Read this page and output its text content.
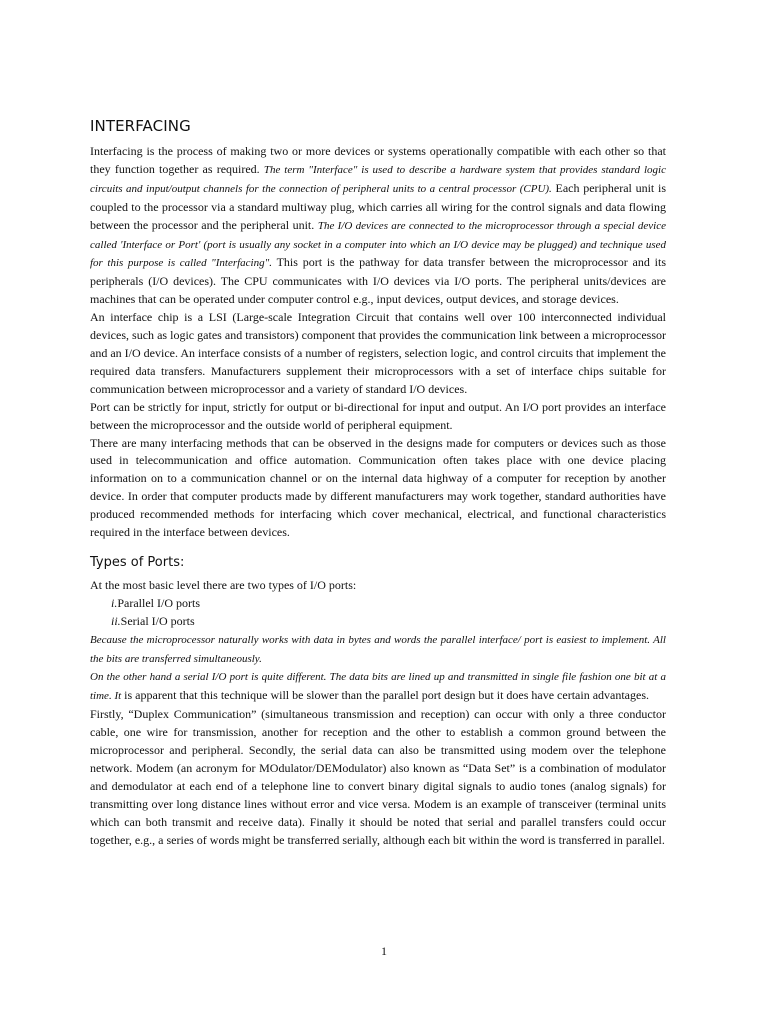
INTERFACING

Interfacing is the process of making two or more devices or systems operationally compatible with each other so that they function together as required. The term "Interface" is used to describe a hardware system that provides standard logic circuits and input/output channels for the connection of peripheral units to a central processor (CPU). Each peripheral unit is coupled to the processor via a standard multiway plug, which carries all wiring for the control signals and data flowing between the processor and the peripheral unit. The I/O devices are connected to the microprocessor through a special device called 'Interface or Port' (port is usually any socket in a computer into which an I/O device may be plugged) and technique used for this purpose is called "Interfacing". This port is the pathway for data transfer between the microprocessor and its peripherals (I/O devices). The CPU communicates with I/O devices via I/O ports. The peripheral units/devices are machines that can be operated under computer control e.g., input devices, output devices, and storage devices.

An interface chip is a LSI (Large-scale Integration Circuit that contains well over 100 interconnected individual devices, such as logic gates and transistors) component that provides the communication link between a microprocessor and an I/O device. An interface consists of a number of registers, selection logic, and control circuits that implement the required data transfers. Manufacturers supplement their microprocessors with a set of interface chips suitable for communication between microprocessor and a variety of standard I/O devices.

Port can be strictly for input, strictly for output or bi-directional for input and output. An I/O port provides an interface between the microprocessor and the outside world of peripheral equipment.

There are many interfacing methods that can be observed in the designs made for computers or devices such as those used in telecommunication and office automation. Communication often takes place with one device placing information on to a communication channel or on the internal data highway of a computer for reception by another device. In order that computer products made by different manufacturers may work together, standard authorities have produced recommended methods for interfacing which cover mechanical, electrical, and functional characteristics required in the interface between devices.

Types of Ports:

At the most basic level there are two types of I/O ports:

i.Parallel I/O ports
ii.Serial I/O ports

Because the microprocessor naturally works with data in bytes and words the parallel interface/ port is easiest to implement. All the bits are transferred simultaneously.

On the other hand a serial I/O port is quite different. The data bits are lined up and transmitted in single file fashion one bit at a time. It is apparent that this technique will be slower than the parallel port design but it does have certain advantages.

Firstly, “Duplex Communication” (simultaneous transmission and reception) can occur with only a three conductor cable, one wire for transmission, another for reception and the other to establish a common ground between the microprocessor and peripheral. Secondly, the serial data can also be transmitted using modem over the telephone network. Modem (an acronym for MOdulator/DEModulator) also known as “Data Set” is a combination of modulator and demodulator at each end of a telephone line to convert binary digital signals to audio tones (analog signals) for transmitting over long distance lines without error and vice versa. Modem is an example of transceiver (terminal units which can both transmit and receive data). Finally it should be noted that serial and parallel transfers could occur together, e.g., a series of words might be transferred serially, although each bit within the word is transferred in parallel.

1
